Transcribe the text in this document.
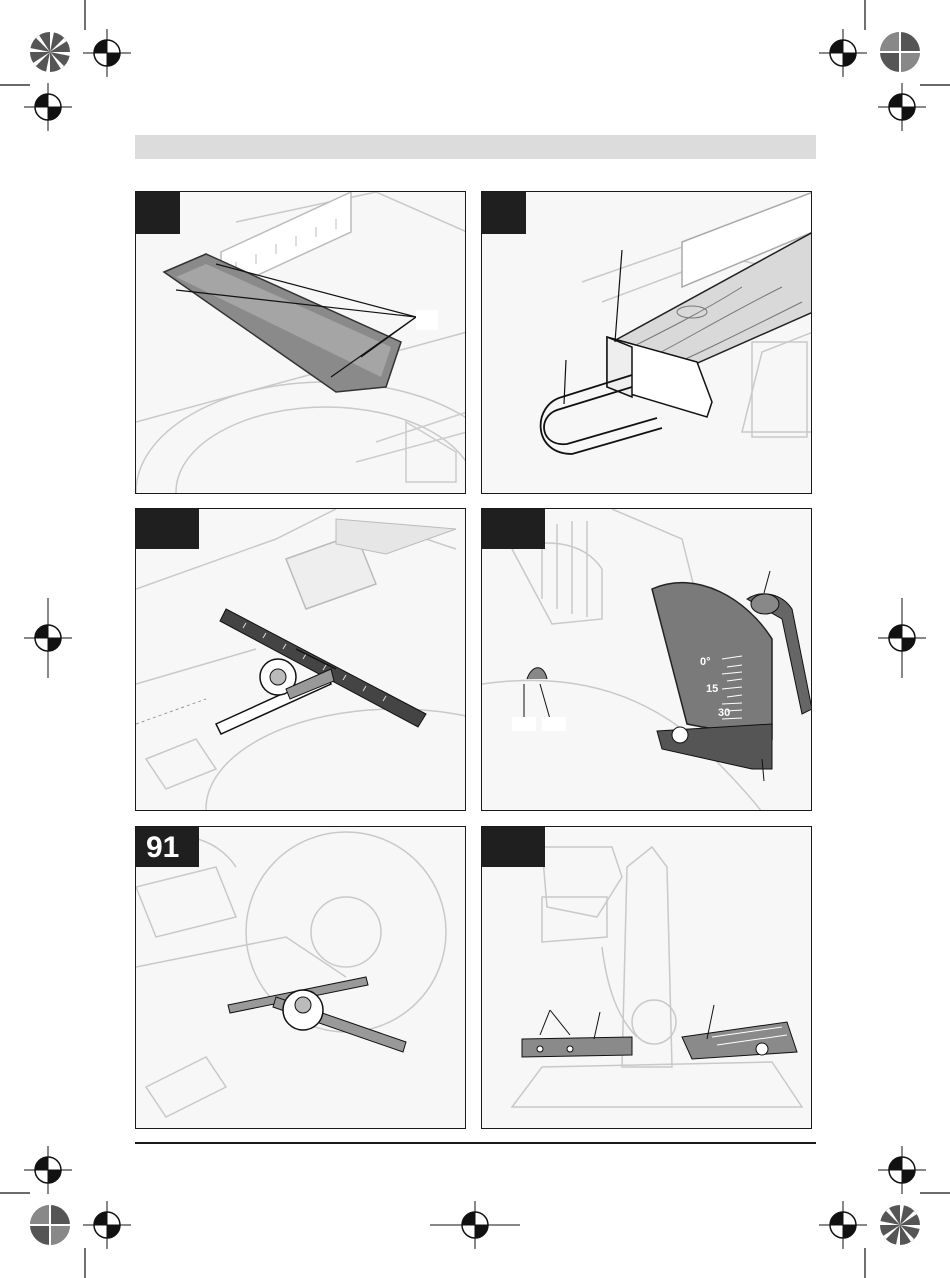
0°
15
30
91
